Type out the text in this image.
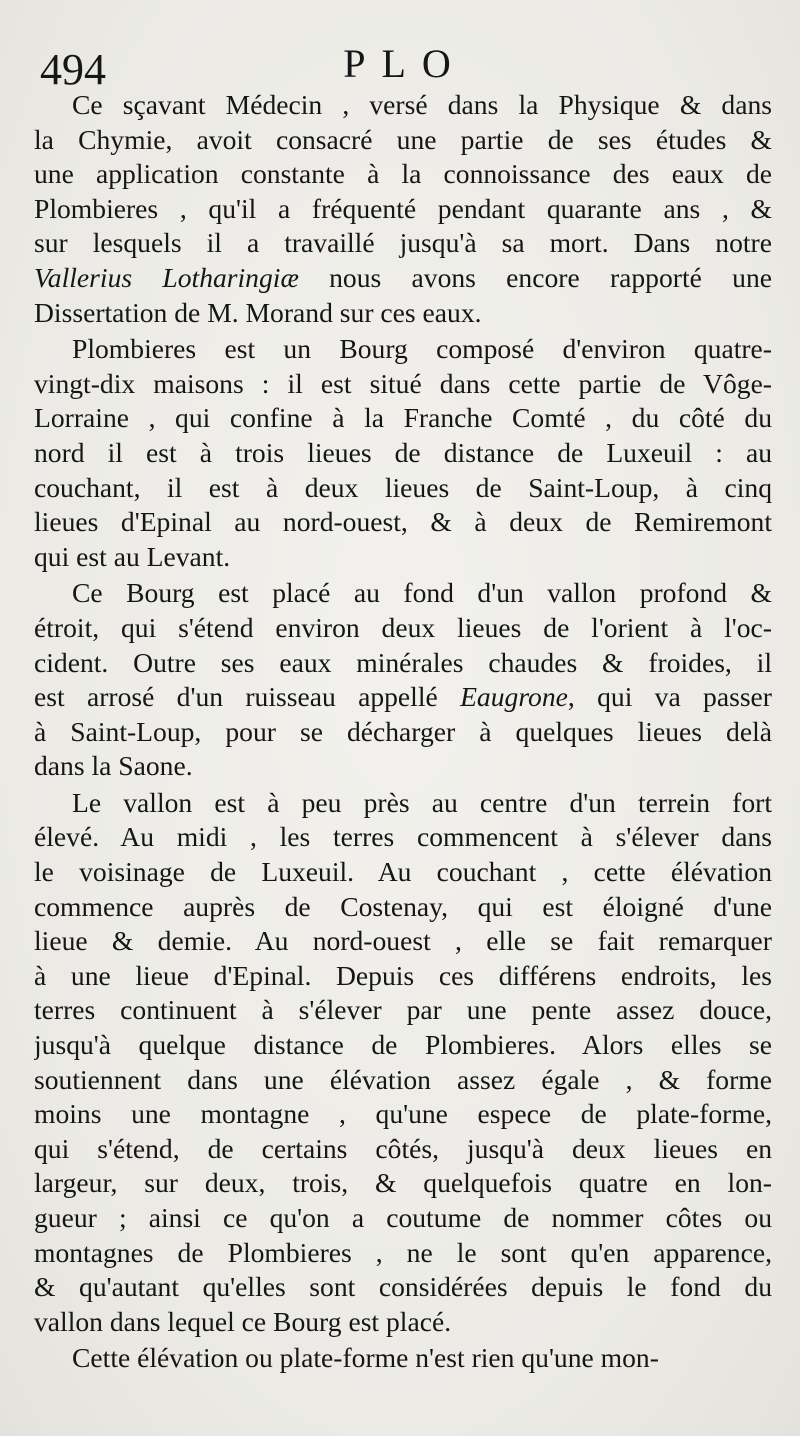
494	PLO
Ce sçavant Médecin , versé dans la Physique & dans
la Chymie, avoit consacré une partie de ses études &
une application constante à la connoissance des eaux de
Plombieres , qu'il a fréquenté pendant quarante ans , &
sur lesquels il a travaillé jusqu'à sa mort. Dans notre
Vallerius Lotharingiæ nous avons encore rapporté une
Dissertation de M. Morand sur ces eaux.
Plombieres est un Bourg composé d'environ quatre-
vingt-dix maisons : il est situé dans cette partie de Vôge-
Lorraine , qui confine à la Franche Comté , du côté du
nord il est à trois lieues de distance de Luxeuil : au
couchant, il est à deux lieues de Saint-Loup, à cinq
lieues d'Epinal au nord-ouest, & à deux de Remiremont
qui est au Levant.
Ce Bourg est placé au fond d'un vallon profond &
étroit, qui s'étend environ deux lieues de l'orient à l'oc-
cident. Outre ses eaux minérales chaudes & froides, il
est arrosé d'un ruisseau appellé Eaugrone, qui va passer
à Saint-Loup, pour se décharger à quelques lieues delà
dans la Saone.
Le vallon est à peu près au centre d'un terrein fort
élevé. Au midi , les terres commencent à s'élever dans
le voisinage de Luxeuil. Au couchant , cette élévation
commence auprès de Costenay, qui est éloigné d'une
lieue & demie. Au nord-ouest , elle se fait remarquer
à une lieue d'Epinal. Depuis ces différens endroits, les
terres continuent à s'élever par une pente assez douce,
jusqu'à quelque distance de Plombieres. Alors elles se
soutiennent dans une élévation assez égale , & forme
moins une montagne , qu'une espece de plate-forme,
qui s'étend, de certains côtés, jusqu'à deux lieues en
largeur, sur deux, trois, & quelquefois quatre en lon-
gueur ; ainsi ce qu'on a coutume de nommer côtes ou
montagnes de Plombieres , ne le sont qu'en apparence,
& qu'autant qu'elles sont considérées depuis le fond du
vallon dans lequel ce Bourg est placé.
Cette élévation ou plate-forme n'est rien qu'une mon-
